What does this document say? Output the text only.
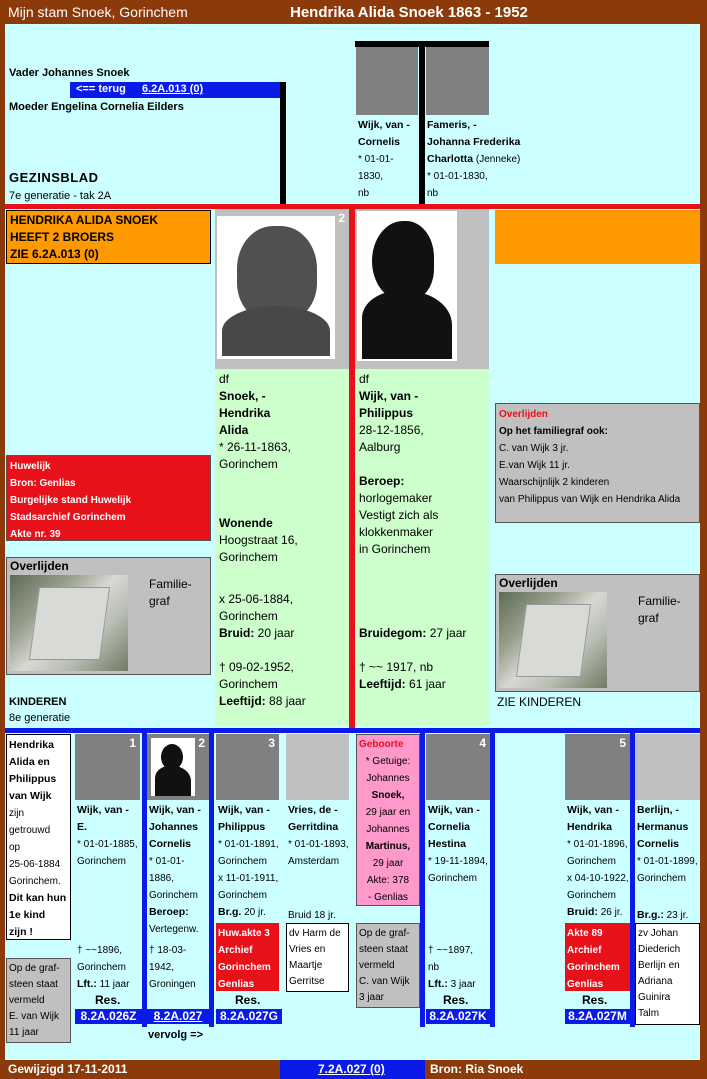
Mijn stam Snoek, Gorinchem	Hendrika Alida Snoek 1863 - 1952
Vader Johannes Snoek
<== terug 6.2A.013 (0)
Moeder Engelina Cornelia Eilders
GEZINSBLAD
7e generatie - tak 2A
Wijk, van -
Cornelis
* 01-01-1830,
nb
Fameris, -
Johanna Frederika
Charlotta (Jenneke)
* 01-01-1830,
nb
HENDRIKA ALIDA SNOEK
HEEFT 2 BROERS
ZIE 6.2A.013 (0)
2
df
Snoek, -
Hendrika
Alida
* 26-11-1863,
Gorinchem
Wonende
Hoogstraat 16,
Gorinchem
x 25-06-1884,
Gorinchem
Bruid: 20 jaar
† 09-02-1952,
Gorinchem
Leeftijd: 88 jaar
df
Wijk, van -
Philippus
28-12-1856,
Aalburg
Beroep:
horlogemaker
Vestigt zich als
klokkenmaker
in Gorinchem
Bruidegom: 27 jaar
† ~~ 1917, nb
Leeftijd: 61 jaar
Overlijden
Op het familiegraf ook:
C. van Wijk 3 jr.
E.van Wijk 11 jr.
Waarschijnlijk 2 kinderen
van Philippus van Wijk en Hendrika Alida
Huwelijk
Bron: Genlias
Burgelijke stand Huwelijk
Stadsarchief Gorinchem
Akte nr. 39
Overlijden
Familie-
graf
Overlijden
Familie-
graf
KINDEREN
8e generatie
ZIE KINDEREN
Hendrika
Alida en
Philippus
van Wijk
zijn
getrouwd
op
25-06-1884
Gorinchem.
Dit kan hun
1e kind
zijn !
Op de graf-
steen staat
vermeld
E. van Wijk
11 jaar
1
Wijk, van -
E.
* 01-01-1885,
Gorinchem
† ~~1896,
Gorinchem
Lft.: 11 jaar
Res.
8.2A.026Z
2
Wijk, van -
Johannes
Cornelis
* 01-01-1886,
Gorinchem
Beroep:
Vertegenw.
† 18-03-1942,
Groningen
8.2A.027
vervolg =>
3
Wijk, van -
Philippus
* 01-01-1891,
Gorinchem
x 11-01-1911,
Gorinchem
Br.g. 20 jr.
Huw.akte 3
Archief
Gorinchem
Genlias
Res.
8.2A.027G
Vries, de -
Gerritdina
* 01-01-1893,
Amsterdam
Bruid 18 jr.
dv Harm de
Vries en
Maartje
Gerritse
Geboorte
* Getuige:
Johannes
Snoek,
29 jaar en
Johannes
Martinus,
29 jaar
Akte: 378
- Genlias
Op de graf-
steen staat
vermeld
C. van Wijk
3 jaar
4
Wijk, van -
Cornelia
Hestina
* 19-11-1894,
Gorinchem
† ~~1897,
nb
Lft.: 3 jaar
Res.
8.2A.027K
5
Wijk, van -
Hendrika
* 01-01-1896,
Gorinchem
x 04-10-1922,
Gorinchem
Bruid: 26 jr.
Akte 89
Archief
Gorinchem
Genlias
Res.
8.2A.027M
Berlijn, -
Hermanus
Cornelis
* 01-01-1899,
Gorinchem
Br.g.: 23 jr.
zv Johan
Diederich
Berlijn en
Adriana
Guinira
Talm
Gewijzigd 17-11-2011	7.2A.027 (0)	Bron: Ria Snoek
